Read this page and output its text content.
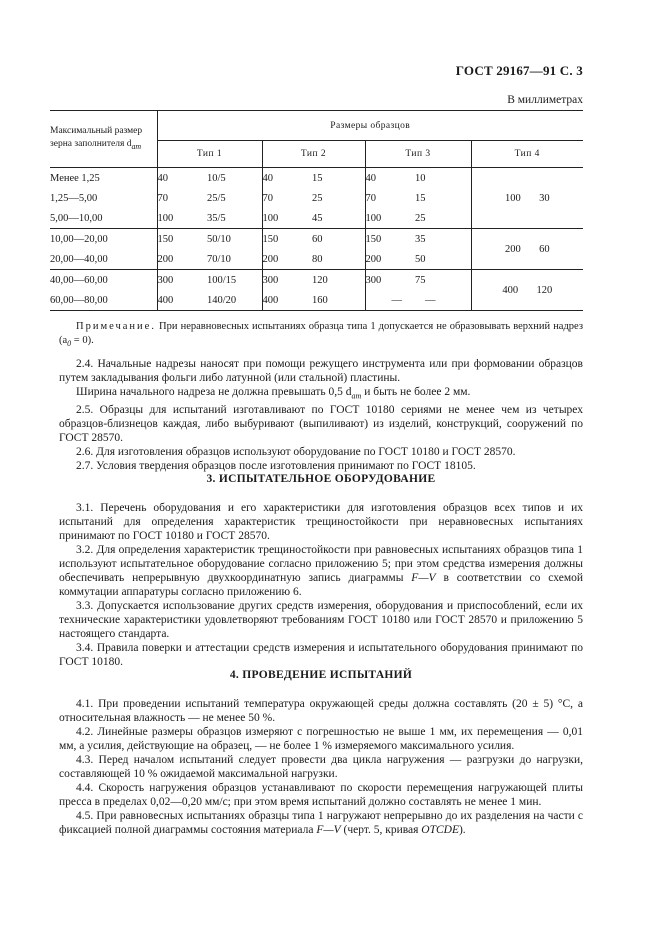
ГОСТ 29167—91 С. 3
В миллиметрах
Максимальный размер зерна заполнителя $d_{am}$	Размеры образцов						
	Тип 1		Тип 2		Тип 3		Тип 4
Менее 1,25	40	10/5	40	15	40	10	100 30
1,25—5,00	70	25/5	70	25	70	15	
5,00—10,00	100	35/5	100	45	100	25	
10,00—20,00	150	50/10	150	60	150	35	200 60
20,00—40,00	200	70/10	200	80	200	50	
40,00—60,00	300	100/15	300	120	300	75	400 120
60,00—80,00	400	140/20	400	160	—	—	

Примечание. При неравновесных испытаниях образца типа 1 допускается не образовывать верхний надрез $(a_0 = 0)$.

2.4. Начальные надрезы наносят при помощи режущего инструмента или при формовании образцов путем закладывания фольги либо латунной (или стальной) пластины.

Ширина начального надреза не должна превышать 0,5 $d_{am}$ и быть не более 2 мм.

2.5. Образцы для испытаний изготавливают по ГОСТ 10180 сериями не менее чем из четырех образцов-близнецов каждая, либо выбуривают (выпиливают) из изделий, конструкций, сооружений по ГОСТ 28570.

2.6. Для изготовления образцов используют оборудование по ГОСТ 10180 и ГОСТ 28570.

2.7. Условия твердения образцов после изготовления принимают по ГОСТ 18105.

3. ИСПЫТАТЕЛЬНОЕ ОБОРУДОВАНИЕ

3.1. Перечень оборудования и его характеристики для изготовления образцов всех типов и их испытаний для определения характеристик трещиностойкости при неравновесных испытаниях принимают по ГОСТ 10180 и ГОСТ 28570.

3.2. Для определения характеристик трещиностойкости при равновесных испытаниях образцов типа 1 используют испытательное оборудование согласно приложению 5; при этом средства измерения должны обеспечивать непрерывную двухкоординатную запись диаграммы F—V в соответствии со схемой коммутации аппаратуры согласно приложению 6.

3.3. Допускается использование других средств измерения, оборудования и приспособлений, если их технические характеристики удовлетворяют требованиям ГОСТ 10180 или ГОСТ 28570 и приложению 5 настоящего стандарта.

3.4. Правила поверки и аттестации средств измерения и испытательного оборудования принимают по ГОСТ 10180.

4. ПРОВЕДЕНИЕ ИСПЫТАНИЙ

4.1. При проведении испытаний температура окружающей среды должна составлять (20 ± 5) °С, а относительная влажность — не менее 50 %.

4.2. Линейные размеры образцов измеряют с погрешностью не выше 1 мм, их перемещения — 0,01 мм, а усилия, действующие на образец, — не более 1 % измеряемого максимального усилия.

4.3. Перед началом испытаний следует провести два цикла нагружения — разгрузки до нагрузки, составляющей 10 % ожидаемой максимальной нагрузки.

4.4. Скорость нагружения образцов устанавливают по скорости перемещения нагружающей плиты пресса в пределах 0,02—0,20 мм/с; при этом время испытаний должно составлять не менее 1 мин.

4.5. При равновесных испытаниях образцы типа 1 нагружают непрерывно до их разделения на части с фиксацией полной диаграммы состояния материала F—V (черт. 5, кривая OTCDE).
